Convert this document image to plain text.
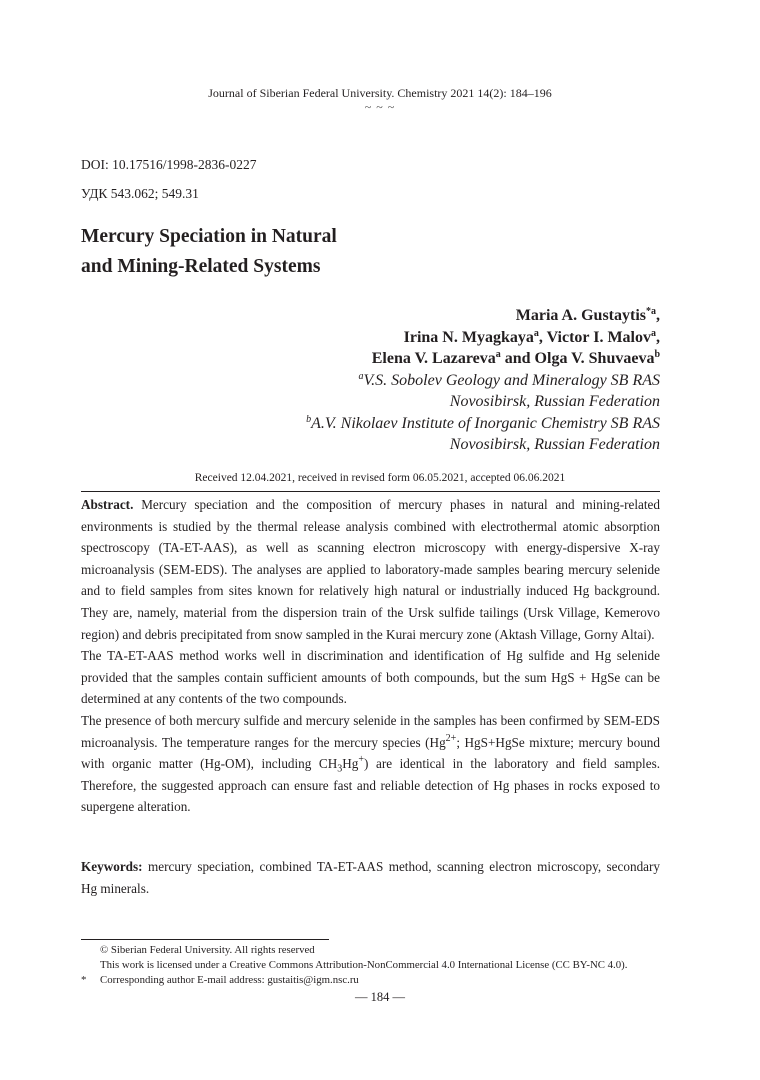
Journal of Siberian Federal University. Chemistry 2021 14(2): 184–196
~ ~ ~
DOI: 10.17516/1998-2836-0227
УДК 543.062; 549.31
Mercury Speciation in Natural
and Mining-Related Systems
Maria A. Gustaytis$^{*a}$,
Irina N. Myagkaya$^a$, Victor I. Malov$^a$,
Elena V. Lazareva$^a$ and Olga V. Shuvaeva$^b$
$^a$V.S. Sobolev Geology and Mineralogy SB RAS
Novosibirsk, Russian Federation
$^b$A.V. Nikolaev Institute of Inorganic Chemistry SB RAS
Novosibirsk, Russian Federation
Received 12.04.2021, received in revised form 06.05.2021, accepted 06.06.2021

Abstract. Mercury speciation and the composition of mercury phases in natural and mining-related environments is studied by the thermal release analysis combined with electrothermal atomic absorption spectroscopy (TA-ET-AAS), as well as scanning electron microscopy with energy-dispersive X-ray microanalysis (SEM-EDS). The analyses are applied to laboratory-made samples bearing mercury selenide and to field samples from sites known for relatively high natural or industrially induced Hg background. They are, namely, material from the dispersion train of the Ursk sulfide tailings (Ursk Village, Kemerovo region) and debris precipitated from snow sampled in the Kurai mercury zone (Aktash Village, Gorny Altai).

The TA-ET-AAS method works well in discrimination and identification of Hg sulfide and Hg selenide provided that the samples contain sufficient amounts of both compounds, but the sum HgS + HgSe can be determined at any contents of the two compounds.

The presence of both mercury sulfide and mercury selenide in the samples has been confirmed by SEM-EDS microanalysis. The temperature ranges for the mercury species ($Hg^{2+}$; HgS+HgSe mixture; mercury bound with organic matter (Hg-OM), including $CH_3Hg^+$) are identical in the laboratory and field samples. Therefore, the suggested approach can ensure fast and reliable detection of Hg phases in rocks exposed to supergene alteration.

Keywords: mercury speciation, combined TA-ET-AAS method, scanning electron microscopy, secondary Hg minerals.

© Siberian Federal University. All rights reserved
This work is licensed under a Creative Commons Attribution-NonCommercial 4.0 International License (CC BY-NC 4.0).
* Corresponding author E-mail address: gustaitis@igm.nsc.ru
— 184 —
